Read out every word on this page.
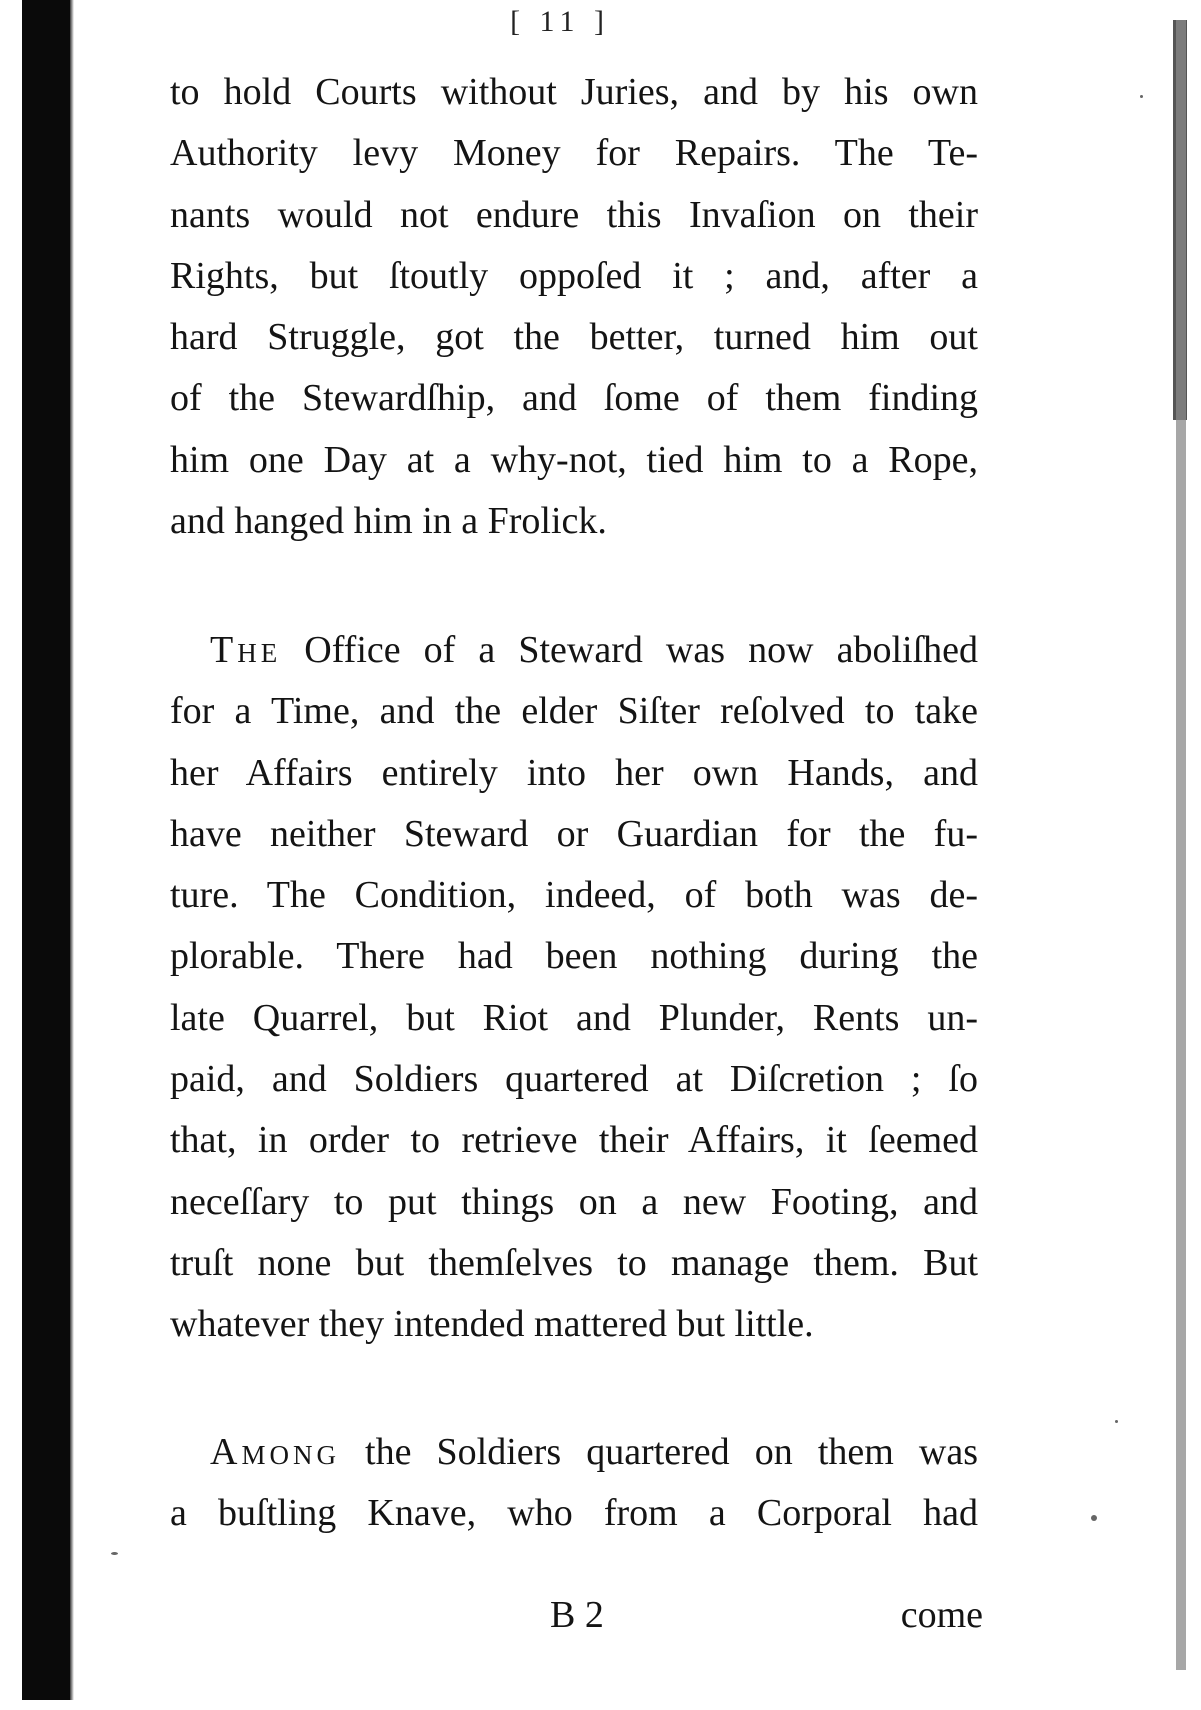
[ 11 ]
to hold Courts without Juries, and by his own
Authority levy Money for Repairs. The Te-
nants would not endure this Invaſion on their
Rights, but ſtoutly oppoſed it ; and, after a
hard Struggle, got the better, turned him out
of the Stewardſhip, and ſome of them finding
him one Day at a why-not, tied him to a Rope,
and hanged him in a Frolick.
The Office of a Steward was now aboliſhed
for a Time, and the elder Siſter reſolved to take
her Affairs entirely into her own Hands, and
have neither Steward or Guardian for the fu-
ture. The Condition, indeed, of both was de-
plorable. There had been nothing during the
late Quarrel, but Riot and Plunder, Rents un-
paid, and Soldiers quartered at Diſcretion ; ſo
that, in order to retrieve their Affairs, it ſeemed
neceſſary to put things on a new Footing, and
truſt none but themſelves to manage them. But
whatever they intended mattered but little.
Among the Soldiers quartered on them was
a buſtling Knave, who from a Corporal had
B 2	come
